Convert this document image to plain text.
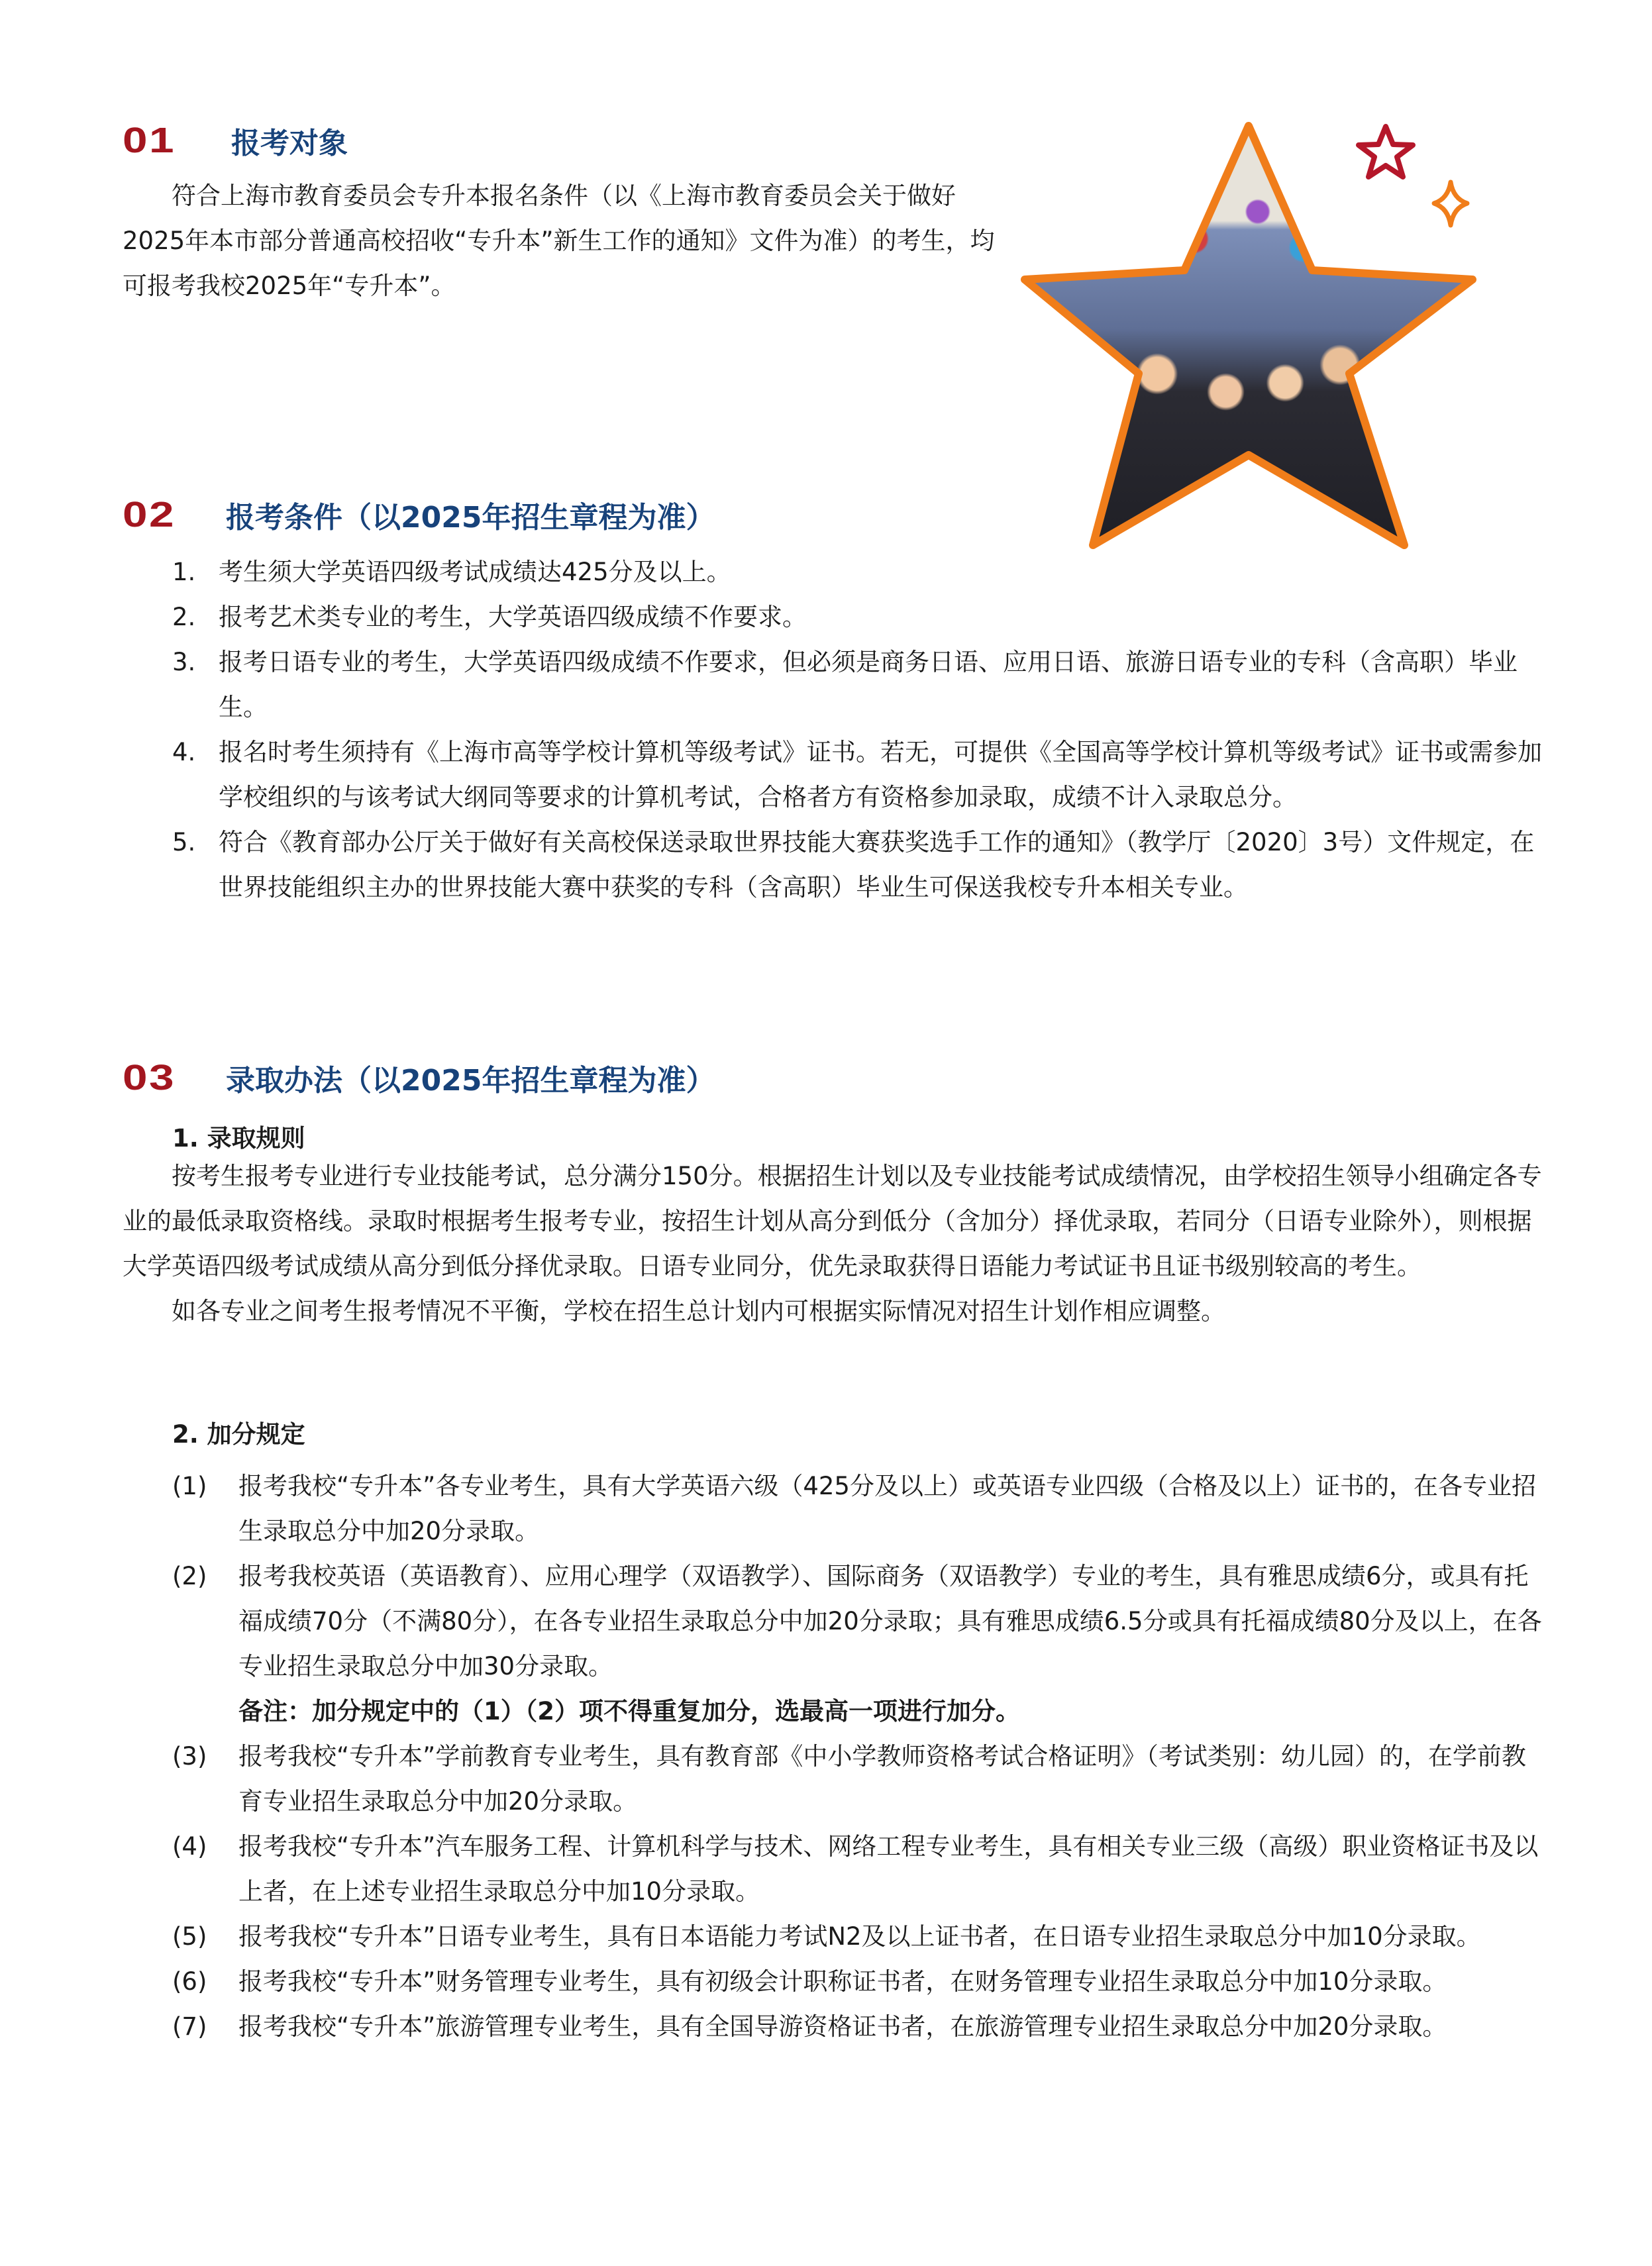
01	报考对象
符合上海市教育委员会专升本报名条件（以《上海市教育委员会关于做好2025年本市部分普通高校招收“专升本”新生工作的通知》文件为准）的考生，均可报考我校2025年“专升本”。
02	报考条件（以2025年招生章程为准）
1. 考生须大学英语四级考试成绩达425分及以上。
2. 报考艺术类专业的考生，大学英语四级成绩不作要求。
3. 报考日语专业的考生，大学英语四级成绩不作要求，但必须是商务日语、应用日语、旅游日语专业的专科（含高职）毕业生。
4. 报名时考生须持有《上海市高等学校计算机等级考试》证书。若无，可提供《全国高等学校计算机等级考试》证书或需参加学校组织的与该考试大纲同等要求的计算机考试，合格者方有资格参加录取，成绩不计入录取总分。
5. 符合《教育部办公厅关于做好有关高校保送录取世界技能大赛获奖选手工作的通知》（教学厅〔2020〕3号）文件规定，在世界技能组织主办的世界技能大赛中获奖的专科（含高职）毕业生可保送我校专升本相关专业。
03	录取办法（以2025年招生章程为准）
1. 录取规则
按考生报考专业进行专业技能考试，总分满分150分。根据招生计划以及专业技能考试成绩情况，由学校招生领导小组确定各专业的最低录取资格线。录取时根据考生报考专业，按招生计划从高分到低分（含加分）择优录取，若同分（日语专业除外），则根据大学英语四级考试成绩从高分到低分择优录取。日语专业同分，优先录取获得日语能力考试证书且证书级别较高的考生。
如各专业之间考生报考情况不平衡，学校在招生总计划内可根据实际情况对招生计划作相应调整。
2. 加分规定
(1)	报考我校“专升本”各专业考生，具有大学英语六级（425分及以上）或英语专业四级（合格及以上）证书的，在各专业招生录取总分中加20分录取。
(2)	报考我校英语（英语教育）、应用心理学（双语教学）、国际商务（双语教学）专业的考生，具有雅思成绩6分，或具有托福成绩70分（不满80分），在各专业招生录取总分中加20分录取；具有雅思成绩6.5分或具有托福成绩80分及以上，在各专业招生录取总分中加30分录取。
备注：加分规定中的（1）（2）项不得重复加分，选最高一项进行加分。
(3)	报考我校“专升本”学前教育专业考生，具有教育部《中小学教师资格考试合格证明》（考试类别：幼儿园）的，在学前教育专业招生录取总分中加20分录取。
(4)	报考我校“专升本”汽车服务工程、计算机科学与技术、网络工程专业考生，具有相关专业三级（高级）职业资格证书及以上者，在上述专业招生录取总分中加10分录取。
(5)	报考我校“专升本”日语专业考生，具有日本语能力考试N2及以上证书者，在日语专业招生录取总分中加10分录取。
(6)	报考我校“专升本”财务管理专业考生，具有初级会计职称证书者，在财务管理专业招生录取总分中加10分录取。
(7)	报考我校“专升本”旅游管理专业考生，具有全国导游资格证书者，在旅游管理专业招生录取总分中加20分录取。
